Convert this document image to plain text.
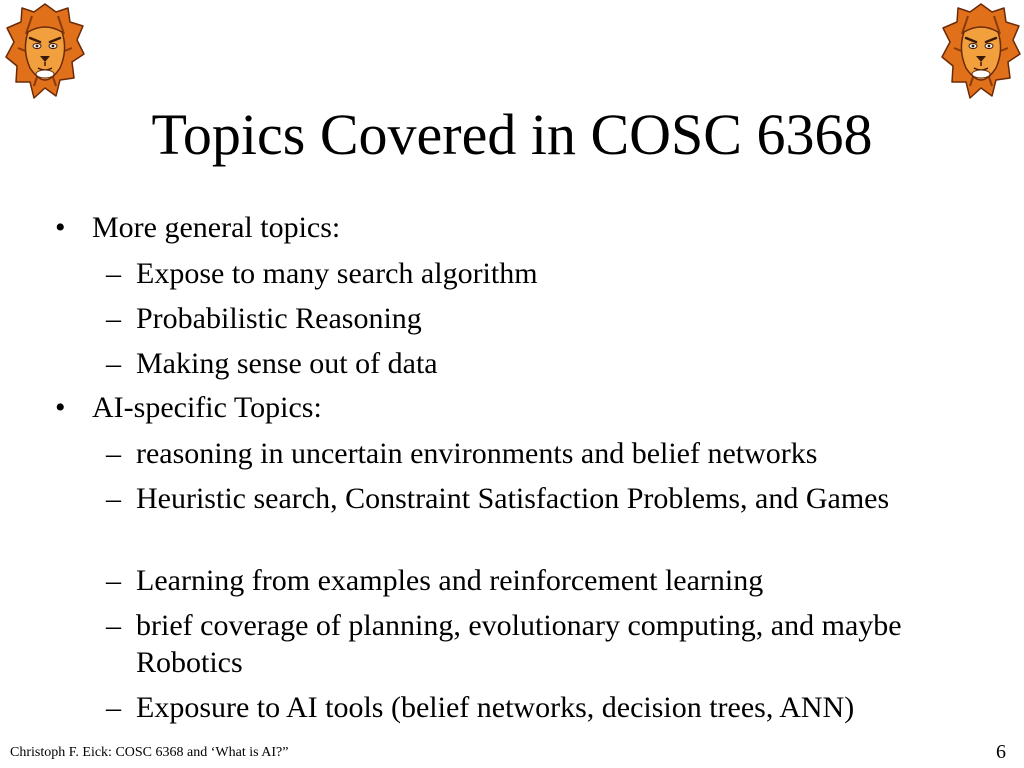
Topics Covered in COSC 6368
• More general topics:
– Expose to many search algorithm
– Probabilistic Reasoning
– Making sense out of data
• AI-specific Topics:
– reasoning in uncertain environments and belief networks
– Heuristic search, Constraint Satisfaction Problems, and Games
– Learning from examples and reinforcement learning
– brief coverage of planning, evolutionary computing, and maybe Robotics
– Exposure to AI tools (belief networks, decision trees, ANN)
Christoph F. Eick: COSC 6368 and ‘What is AI?”	6
